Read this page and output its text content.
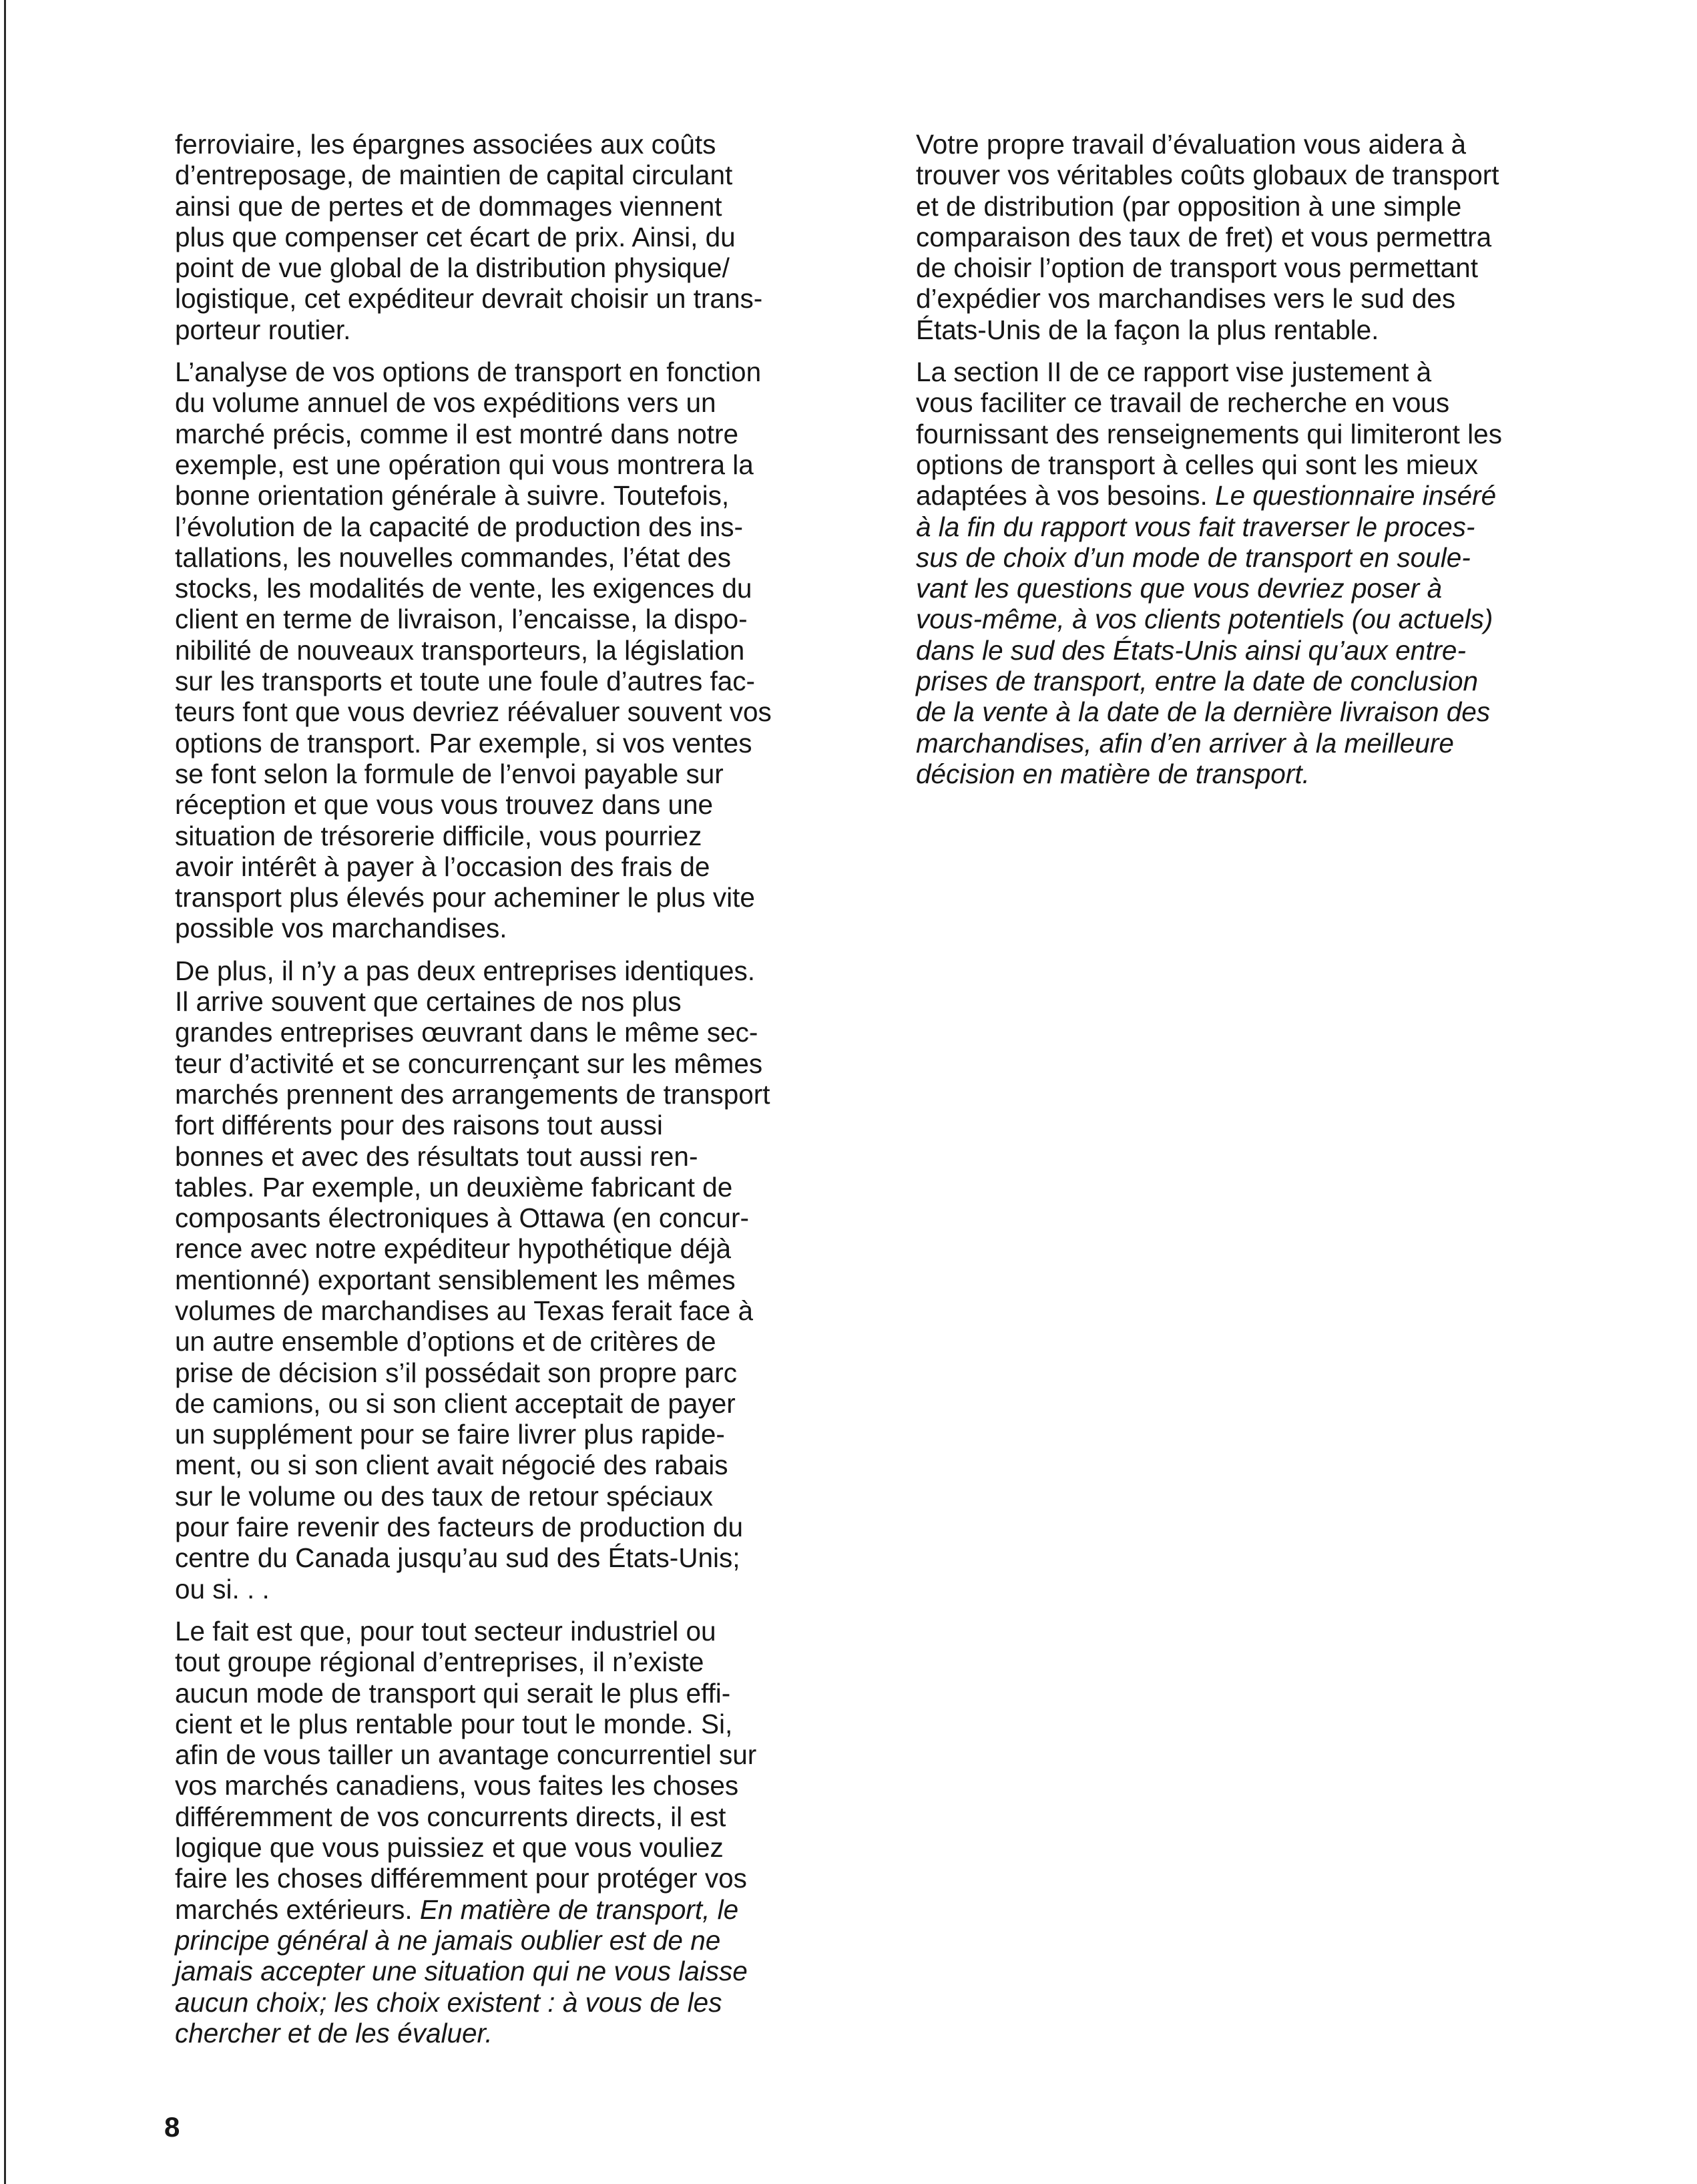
ferroviaire, les épargnes associées aux coûts
d’entreposage, de maintien de capital circulant
ainsi que de pertes et de dommages viennent
plus que compenser cet écart de prix. Ainsi, du
point de vue global de la distribution physique/
logistique, cet expéditeur devrait choisir un trans-
porteur routier.

L’analyse de vos options de transport en fonction
du volume annuel de vos expéditions vers un
marché précis, comme il est montré dans notre
exemple, est une opération qui vous montrera la
bonne orientation générale à suivre. Toutefois,
l’évolution de la capacité de production des ins-
tallations, les nouvelles commandes, l’état des
stocks, les modalités de vente, les exigences du
client en terme de livraison, l’encaisse, la dispo-
nibilité de nouveaux transporteurs, la législation
sur les transports et toute une foule d’autres fac-
teurs font que vous devriez réévaluer souvent vos
options de transport. Par exemple, si vos ventes
se font selon la formule de l’envoi payable sur
réception et que vous vous trouvez dans une
situation de trésorerie difficile, vous pourriez
avoir intérêt à payer à l’occasion des frais de
transport plus élevés pour acheminer le plus vite
possible vos marchandises.

De plus, il n’y a pas deux entreprises identiques.
Il arrive souvent que certaines de nos plus
grandes entreprises œuvrant dans le même sec-
teur d’activité et se concurrençant sur les mêmes
marchés prennent des arrangements de transport
fort différents pour des raisons tout aussi
bonnes et avec des résultats tout aussi ren-
tables. Par exemple, un deuxième fabricant de
composants électroniques à Ottawa (en concur-
rence avec notre expéditeur hypothétique déjà
mentionné) exportant sensiblement les mêmes
volumes de marchandises au Texas ferait face à
un autre ensemble d’options et de critères de
prise de décision s’il possédait son propre parc
de camions, ou si son client acceptait de payer
un supplément pour se faire livrer plus rapide-
ment, ou si son client avait négocié des rabais
sur le volume ou des taux de retour spéciaux
pour faire revenir des facteurs de production du
centre du Canada jusqu’au sud des États-Unis;
ou si. . .

Le fait est que, pour tout secteur industriel ou
tout groupe régional d’entreprises, il n’existe
aucun mode de transport qui serait le plus effi-
cient et le plus rentable pour tout le monde. Si,
afin de vous tailler un avantage concurrentiel sur
vos marchés canadiens, vous faites les choses
différemment de vos concurrents directs, il est
logique que vous puissiez et que vous vouliez
faire les choses différemment pour protéger vos
marchés extérieurs. En matière de transport, le
principe général à ne jamais oublier est de ne
jamais accepter une situation qui ne vous laisse
aucun choix; les choix existent : à vous de les
chercher et de les évaluer.

Votre propre travail d’évaluation vous aidera à
trouver vos véritables coûts globaux de transport
et de distribution (par opposition à une simple
comparaison des taux de fret) et vous permettra
de choisir l’option de transport vous permettant
d’expédier vos marchandises vers le sud des
États-Unis de la façon la plus rentable.

La section II de ce rapport vise justement à
vous faciliter ce travail de recherche en vous
fournissant des renseignements qui limiteront les
options de transport à celles qui sont les mieux
adaptées à vos besoins. Le questionnaire inséré
à la fin du rapport vous fait traverser le proces-
sus de choix d’un mode de transport en soule-
vant les questions que vous devriez poser à
vous-même, à vos clients potentiels (ou actuels)
dans le sud des États-Unis ainsi qu’aux entre-
prises de transport, entre la date de conclusion
de la vente à la date de la dernière livraison des
marchandises, afin d’en arriver à la meilleure
décision en matière de transport.

8
